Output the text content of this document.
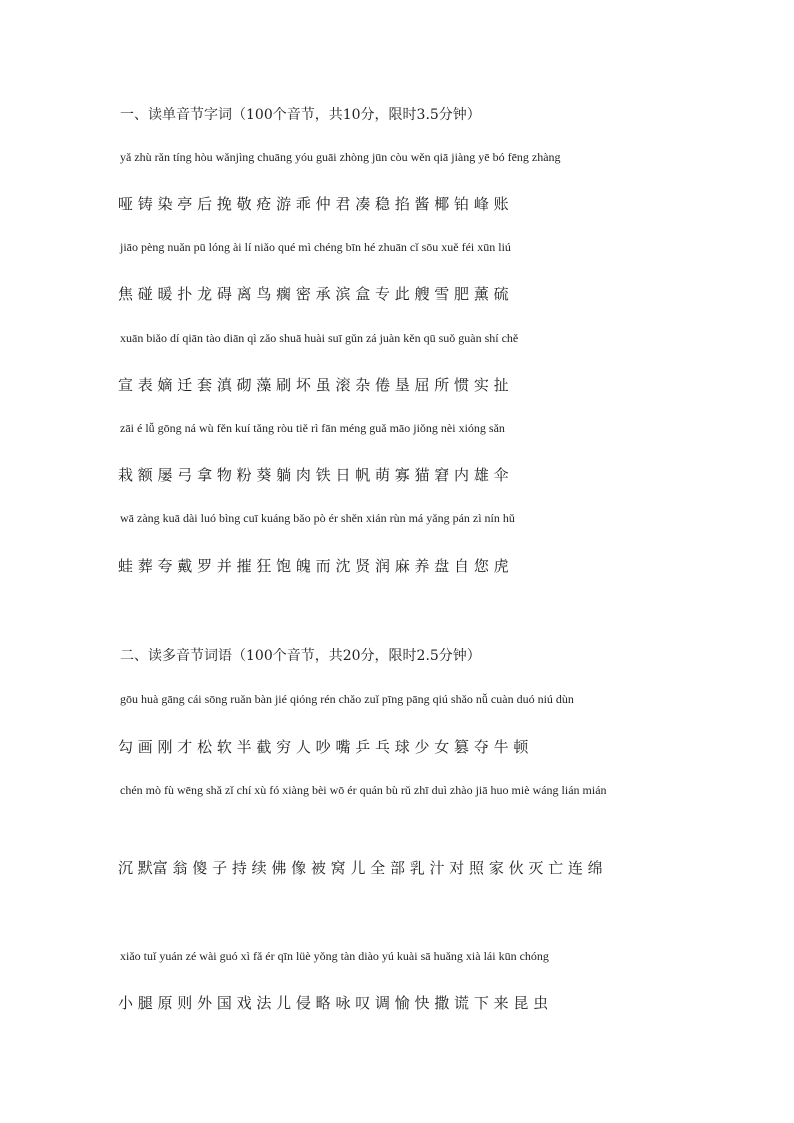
一、读单音节字词（100个音节，共10分，限时3.5分钟）
yǎ zhù rǎn tíng hòu wǎnjìng chuāng yóu guāi zhòng jūn còu wěn qiā jiàng yē bó fēng zhàng
哑 铸 染 亭 后 挽 敬 疮 游 乖 仲 君 凑 稳 掐 酱 椰 铂 峰 账
jiāo pèng nuǎn pū lóng ài lí niǎo qué mì chéng bīn hé zhuān cǐ sōu xuě féi xūn liú
焦 碰 暖 扑 龙 碍 离 鸟 瘸 密 承 滨 盒 专 此 艘 雪 肥 薰 硫
xuān biǎo dí qiān tào diān qì zǎo shuā huài suī gǔn zá juàn kěn qū suǒ guàn shí chě
宣 表 嫡 迁 套 滇 砌 藻 刷 坏 虽 滚 杂 倦 垦 屈 所 惯 实 扯
zāi é lǚ gōng ná wù fěn kuí tǎng ròu tiě rì fān méng guǎ māo jiǒng nèi xióng sǎn
栽 额 屡 弓 拿 物 粉 葵 躺 肉 铁 日 帆 萌 寡 猫 窘 内 雄 伞
wā zàng kuā dài luó bìng cuī kuáng bǎo pò ér shěn xián rùn má yǎng pán zì nín hǔ
蛙 葬 夸 戴 罗 并 摧 狂 饱 魄 而 沈 贤 润 麻 养 盘 自 您 虎
二、读多音节词语（100个音节，共20分，限时2.5分钟）
gōu huà gāng cái sōng ruǎn bàn jié qióng rén chǎo zuǐ pīng pāng qiú shǎo nǚ cuàn duó niú dùn
勾 画 刚 才 松 软 半 截 穷 人 吵 嘴 乒 乓 球 少 女 篡 夺 牛 顿
chén mò fù wēng shǎ zǐ chí xù fó xiàng bèi wō ér quán bù rǔ zhī duì zhào jiā huo miè wáng lián mián
沉 默富 翁 傻 子 持 续 佛 像 被 窝 儿 全 部 乳 汁 对 照 家 伙 灭 亡 连 绵
xiǎo tuǐ yuán zé wài guó xì fǎ ér qīn lüè yǒng tàn diào yú kuài sā huǎng xià lái kūn chóng
小 腿 原 则 外 国 戏 法 儿 侵 略 咏 叹 调 愉 快 撒 谎 下 来 昆 虫
